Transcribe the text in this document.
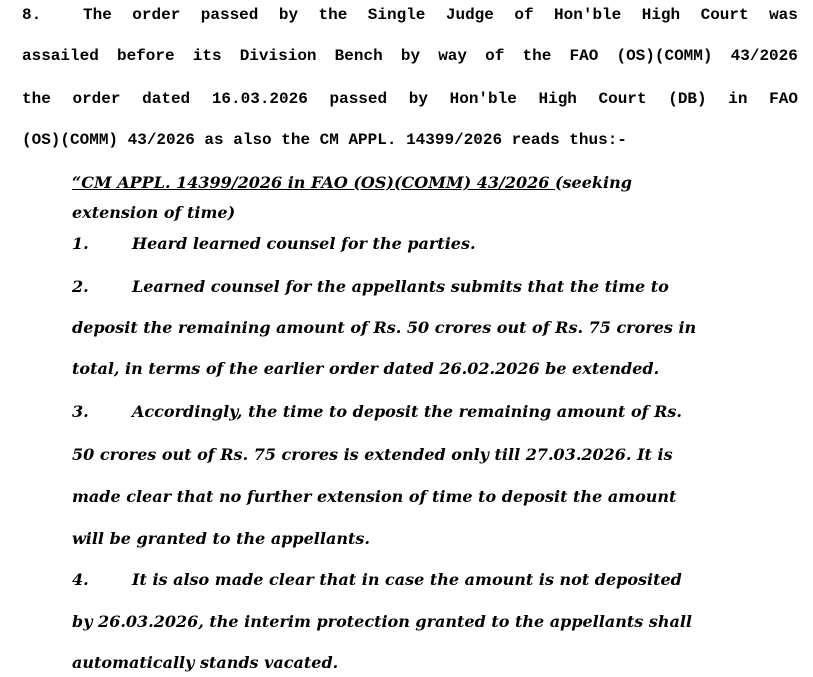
8.	The order passed by the Single Judge of Hon'ble High Court was
assailed before its Division Bench by way of the FAO (OS)(COMM) 43/2026
the order dated 16.03.2026 passed by Hon'ble High Court (DB) in FAO
(OS)(COMM) 43/2026 as also the CM APPL. 14399/2026 reads thus:-
“CM APPL. 14399/2026 in FAO (OS)(COMM) 43/2026 (seeking
extension of time)
1.	Heard learned counsel for the parties.
2.	Learned counsel for the appellants submits that the time to
deposit the remaining amount of Rs. 50 crores out of Rs. 75 crores in
total, in terms of the earlier order dated 26.02.2026 be extended.
3.	Accordingly, the time to deposit the remaining amount of Rs.
50 crores out of Rs. 75 crores is extended only till 27.03.2026. It is
made clear that no further extension of time to deposit the amount
will be granted to the appellants.
4.	It is also made clear that in case the amount is not deposited
by 26.03.2026, the interim protection granted to the appellants shall
automatically stands vacated.
